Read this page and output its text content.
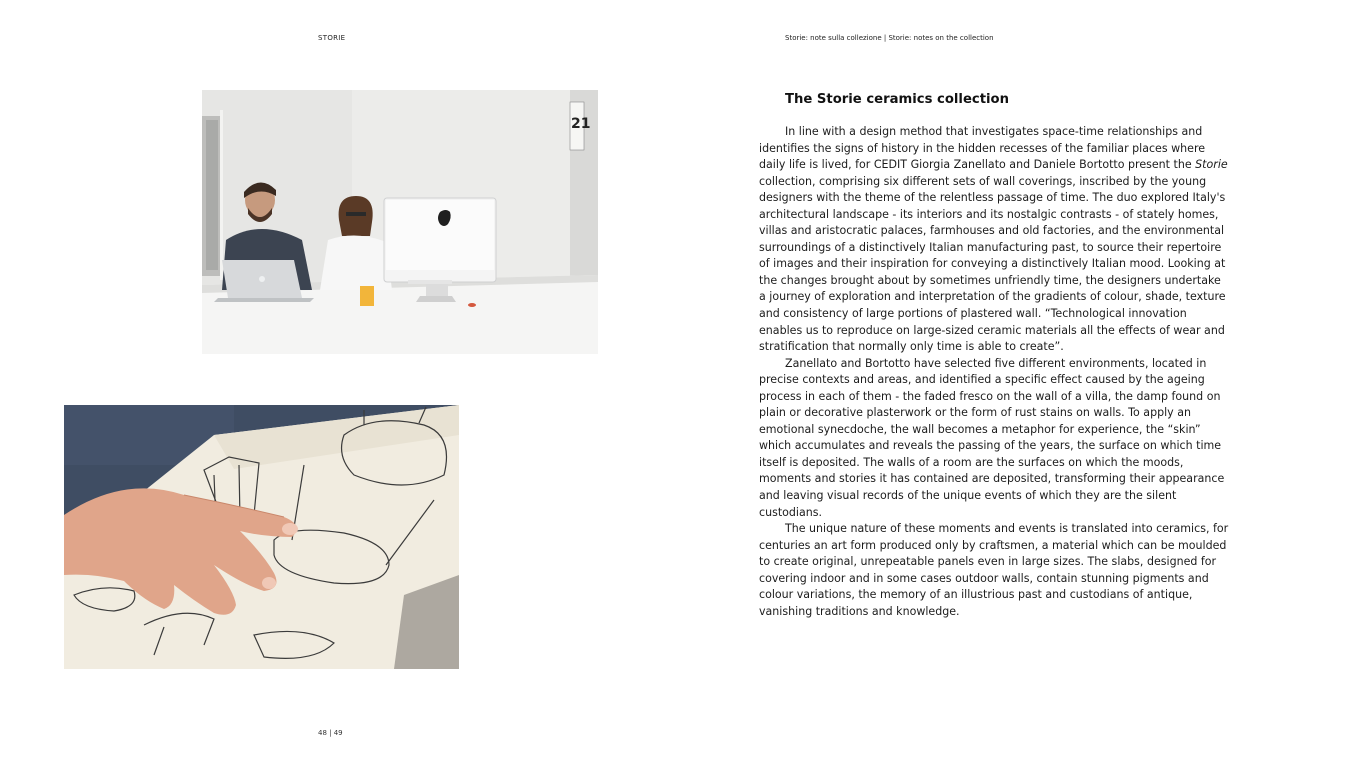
STORIE	Storie: note sulla collezione | Storie: notes on the collection
21
48 | 49
The Storie ceramics collection

In line with a design method that investigates space-time relationships and identifies the signs of history in the hidden recesses of the familiar places where daily life is lived, for CEDIT Giorgia Zanellato and Daniele Bortotto present the Storie collection, comprising six different sets of wall coverings, inscribed by the young designers with the theme of the relentless passage of time. The duo explored Italy's architectural landscape - its interiors and its nostalgic contrasts - of stately homes, villas and aristocratic palaces, farmhouses and old factories, and the environmental surroundings of a distinctively Italian manufacturing past, to source their repertoire of images and their inspiration for conveying a distinctively Italian mood. Looking at the changes brought about by sometimes unfriendly time, the designers undertake a journey of exploration and interpretation of the gradients of colour, shade, texture and consistency of large portions of plastered wall. “Technological innovation enables us to reproduce on large-sized ceramic materials all the effects of wear and stratification that normally only time is able to create”.

Zanellato and Bortotto have selected five different environments, located in precise contexts and areas, and identified a specific effect caused by the ageing process in each of them - the faded fresco on the wall of a villa, the damp found on plain or decorative plasterwork or the form of rust stains on walls. To apply an emotional synecdoche, the wall becomes a metaphor for experience, the “skin” which accumulates and reveals the passing of the years, the surface on which time itself is deposited. The walls of a room are the surfaces on which the moods, moments and stories it has contained are deposited, transforming their appearance and leaving visual records of the unique events of which they are the silent custodians.

The unique nature of these moments and events is translated into ceramics, for centuries an art form produced only by craftsmen, a material which can be moulded to create original, unrepeatable panels even in large sizes. The slabs, designed for covering indoor and in some cases outdoor walls, contain stunning pigments and colour variations, the memory of an illustrious past and custodians of antique, vanishing traditions and knowledge.
